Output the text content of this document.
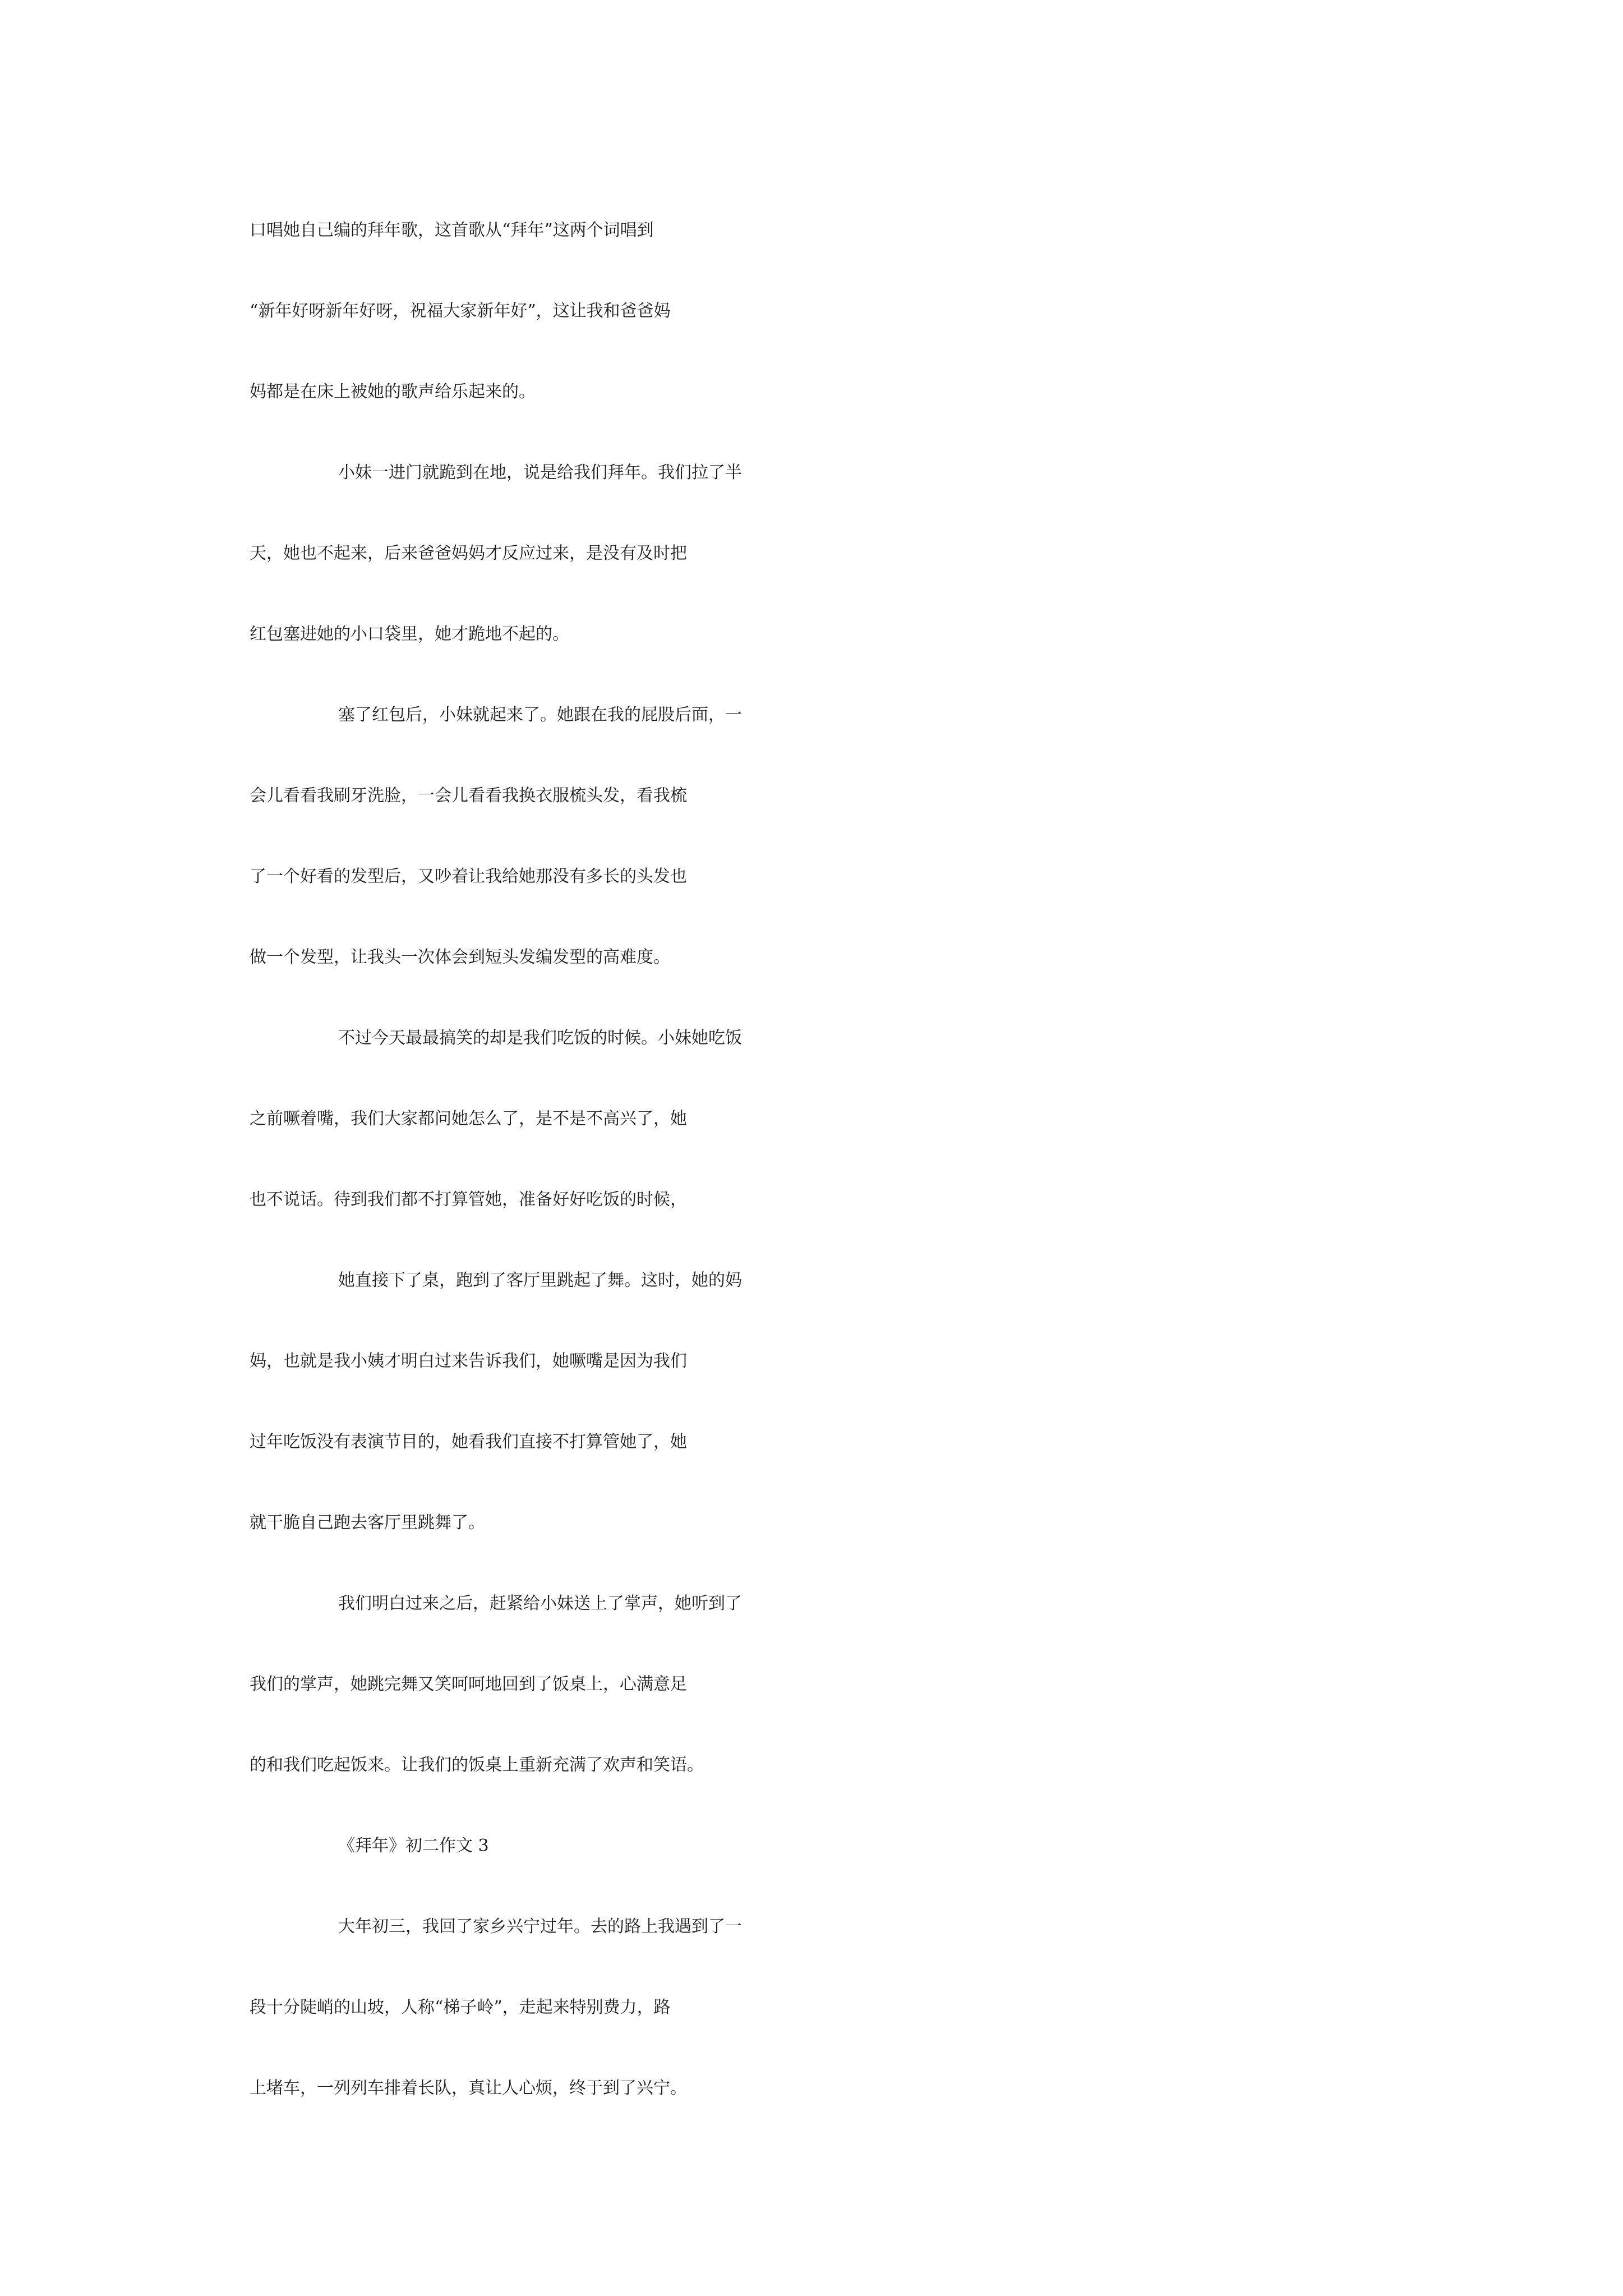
口唱她自己编的拜年歌，这首歌从“拜年”这两个词唱到
“新年好呀新年好呀，祝福大家新年好”，这让我和爸爸妈
妈都是在床上被她的歌声给乐起来的。
小妹一进门就跪到在地，说是给我们拜年。我们拉了半
天，她也不起来，后来爸爸妈妈才反应过来，是没有及时把
红包塞进她的小口袋里，她才跪地不起的。
塞了红包后，小妹就起来了。她跟在我的屁股后面，一
会儿看看我刷牙洗脸，一会儿看看我换衣服梳头发，看我梳
了一个好看的发型后，又吵着让我给她那没有多长的头发也
做一个发型，让我头一次体会到短头发编发型的高难度。
不过今天最最搞笑的却是我们吃饭的时候。小妹她吃饭
之前噘着嘴，我们大家都问她怎么了，是不是不高兴了，她
也不说话。待到我们都不打算管她，准备好好吃饭的时候，
她直接下了桌，跑到了客厅里跳起了舞。这时，她的妈
妈，也就是我小姨才明白过来告诉我们，她噘嘴是因为我们
过年吃饭没有表演节目的，她看我们直接不打算管她了，她
就干脆自己跑去客厅里跳舞了。
我们明白过来之后，赶紧给小妹送上了掌声，她听到了
我们的掌声，她跳完舞又笑呵呵地回到了饭桌上，心满意足
的和我们吃起饭来。让我们的饭桌上重新充满了欢声和笑语。
《拜年》初二作文 3
大年初三，我回了家乡兴宁过年。去的路上我遇到了一
段十分陡峭的山坡，人称“梯子岭”，走起来特别费力，路
上堵车，一列列车排着长队，真让人心烦，终于到了兴宁。
